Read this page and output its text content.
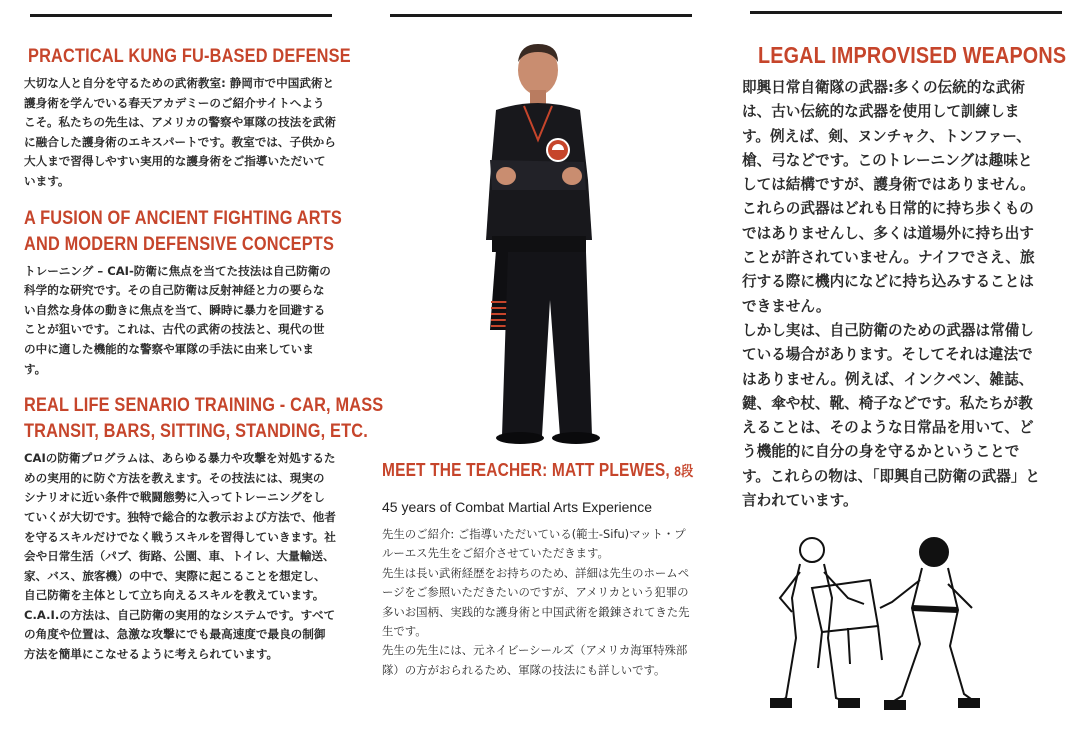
PRACTICAL KUNG FU-BASED DEFENSE

大切な人と自分を守るための武術教室: 静岡市で中国武術と護身術を学んでいる春天アカデミーのご紹介サイトへようこそ。私たちの先生は、アメリカの警察や軍隊の技法を武術に融合した護身術のエキスパートです。教室では、子供から大人まで習得しやすい実用的な護身術をご指導いただいています。

A FUSION OF ANCIENT FIGHTING ARTS
AND MODERN DEFENSIVE CONCEPTS

トレーニング – CAI-防衛に焦点を当てた技法は自己防衛の科学的な研究です。その自己防衛は反射神経と力の要らない自然な身体の動きに焦点を当て、瞬時に暴力を回避することが狙いです。これは、古代の武術の技法と、現代の世の中に適した機能的な警察や軍隊の手法に由来しています。

REAL LIFE SENARIO TRAINING - CAR, MASS
TRANSIT, BARS, SITTING, STANDING, ETC.

CAIの防衛プログラムは、あらゆる暴力や攻撃を対処するための実用的に防ぐ方法を教えます。その技法には、現実のシナリオに近い条件で戦闘態勢に入ってトレーニングをしていくが大切です。独特で総合的な教示および方法で、他者を守るスキルだけでなく戦うスキルを習得していきます。社会や日常生活（パブ、街路、公園、車、トイレ、大量輸送、家、バス、旅客機）の中で、実際に起こることを想定し、自己防衛を主体として立ち向えるスキルを教えています。C.A.I.の方法は、自己防衛の実用的なシステムです。すべての角度や位置は、急激な攻撃にでも最高速度で最良の制御方法を簡単にこなせるように考えられています。

MEET THE TEACHER: MATT PLEWES, 8段
45 years of Combat Martial Arts Experience

先生のご紹介: ご指導いただいている(範士-Sifu)マット・プルーエス先生をご紹介させていただきます。

先生は長い武術経歴をお持ちのため、詳細は先生のホームページをご参照いただきたいのですが、アメリカという犯罪の多いお国柄、実践的な護身術と中国武術を鍛錬されてきた先生です。

先生の先生には、元ネイビーシールズ（アメリカ海軍特殊部隊）の方がおられるため、軍隊の技法にも詳しいです。

LEGAL IMPROVISED WEAPONS

即興日常自衛隊の武器:多くの伝統的な武術は、古い伝統的な武器を使用して訓練します。例えば、剣、ヌンチャク、トンファー、槍、弓などです。このトレーニングは趣味としては結構ですが、護身術ではありません。これらの武器はどれも日常的に持ち歩くものではありませんし、多くは道場外に持ち出すことが許されていません。ナイフでさえ、旅行する際に機内になどに持ち込みすることはできません。

しかし実は、自己防衛のための武器は常備している場合があります。そしてそれは違法ではありません。例えば、インクペン、雑誌、鍵、傘や杖、靴、椅子などです。私たちが教えることは、そのような日常品を用いて、どう機能的に自分の身を守るかということです。これらの物は、「即興自己防衛の武器」と言われています。
